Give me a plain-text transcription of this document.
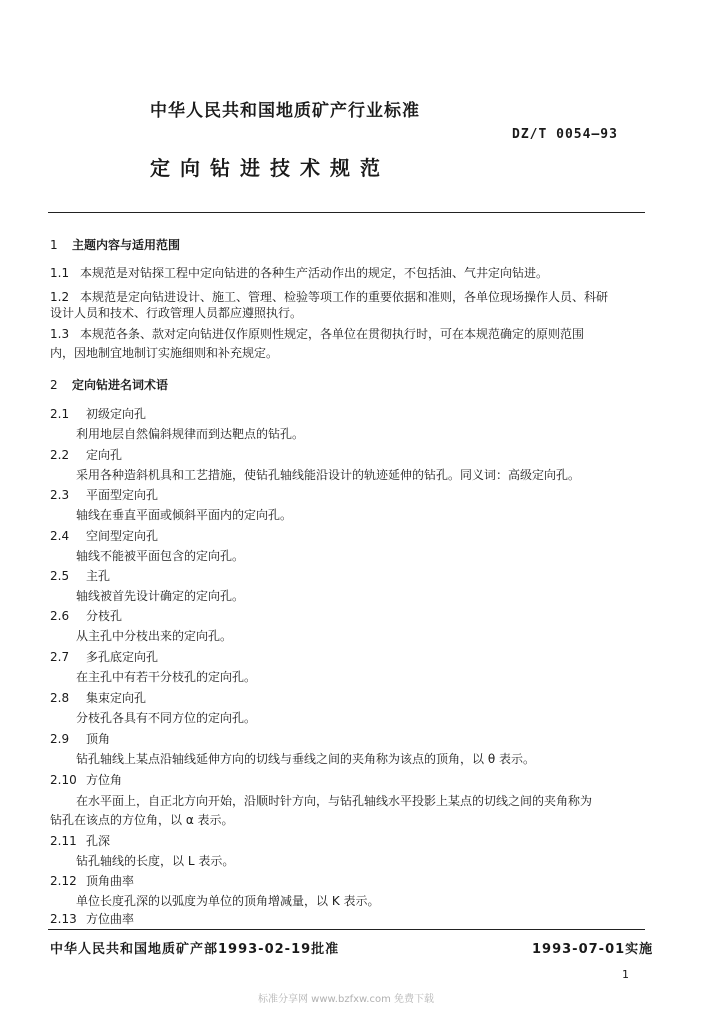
中华人民共和国地质矿产行业标准
DZ/T 0054—93
定向钻进技术规范
1 主题内容与适用范围
1.1 本规范是对钻探工程中定向钻进的各种生产活动作出的规定，不包括油、气井定向钻进。
1.2 本规范是定向钻进设计、施工、管理、检验等项工作的重要依据和准则，各单位现场操作人员、科研
设计人员和技术、行政管理人员都应遵照执行。
1.3 本规范各条、款对定向钻进仅作原则性规定，各单位在贯彻执行时，可在本规范确定的原则范围
内，因地制宜地制订实施细则和补充规定。
2 定向钻进名词术语
2.1 初级定向孔
利用地层自然偏斜规律而到达靶点的钻孔。
2.2 定向孔
采用各种造斜机具和工艺措施，使钻孔轴线能沿设计的轨迹延伸的钻孔。同义词：高级定向孔。
2.3 平面型定向孔
轴线在垂直平面或倾斜平面内的定向孔。
2.4 空间型定向孔
轴线不能被平面包含的定向孔。
2.5 主孔
轴线被首先设计确定的定向孔。
2.6 分枝孔
从主孔中分枝出来的定向孔。
2.7 多孔底定向孔
在主孔中有若干分枝孔的定向孔。
2.8 集束定向孔
分枝孔各具有不同方位的定向孔。
2.9 顶角
钻孔轴线上某点沿轴线延伸方向的切线与垂线之间的夹角称为该点的顶角，以 θ 表示。
2.10 方位角
在水平面上，自正北方向开始，沿顺时针方向，与钻孔轴线水平投影上某点的切线之间的夹角称为
钻孔在该点的方位角，以 α 表示。
2.11 孔深
钻孔轴线的长度，以 L 表示。
2.12 顶角曲率
单位长度孔深的以弧度为单位的顶角增减量，以 K 表示。
2.13 方位曲率
中华人民共和国地质矿产部1993-02-19批准	1993-07-01实施
1
标准分享网 www.bzfxw.com 免费下载
